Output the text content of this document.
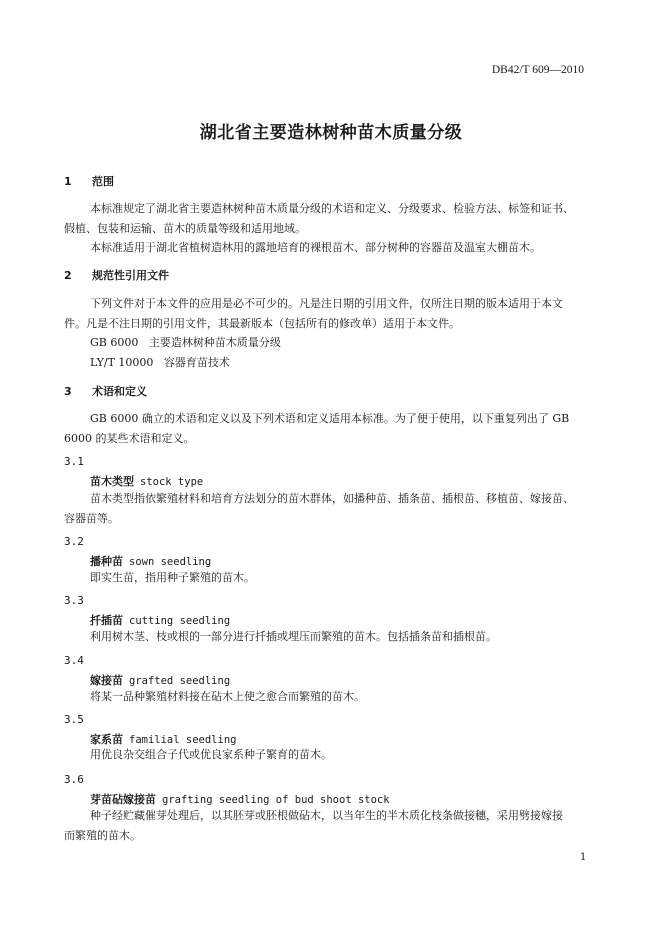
DB42/T 609—2010
湖北省主要造林树种苗木质量分级
1 范围
本标准规定了湖北省主要造林树种苗木质量分级的术语和定义、分级要求、检验方法、标签和证书、
假植、包装和运输、苗木的质量等级和适用地域。
本标准适用于湖北省植树造林用的露地培育的裸根苗木、部分树种的容器苗及温室大棚苗木。
2 规范性引用文件
下列文件对于本文件的应用是必不可少的。凡是注日期的引用文件，仅所注日期的版本适用于本文
件。凡是不注日期的引用文件，其最新版本（包括所有的修改单）适用于本文件。
GB 6000   主要造林树种苗木质量分级
LY/T 10000   容器育苗技术
3 术语和定义
GB 6000 确立的术语和定义以及下列术语和定义适用本标准。为了便于使用，以下重复列出了 GB
6000 的某些术语和定义。
3.1
苗木类型 stock type
苗木类型指依繁殖材料和培育方法划分的苗木群体，如播种苗、插条苗、插根苗、移植苗、嫁接苗、
容器苗等。
3.2
播种苗 sown seedling
即实生苗，指用种子繁殖的苗木。
3.3
扦插苗 cutting seedling
利用树木茎、枝或根的一部分进行扦插或埋压而繁殖的苗木。包括插条苗和插根苗。
3.4
嫁接苗 grafted seedling
将某一品种繁殖材料接在砧木上使之愈合而繁殖的苗木。
3.5
家系苗 familial seedling
用优良杂交组合子代或优良家系种子繁育的苗木。
3.6
芽苗砧嫁接苗 grafting seedling of bud shoot stock
种子经贮藏催芽处理后，以其胚芽或胚根做砧木，以当年生的半木质化枝条做接穗，采用劈接嫁接
而繁殖的苗木。
1
